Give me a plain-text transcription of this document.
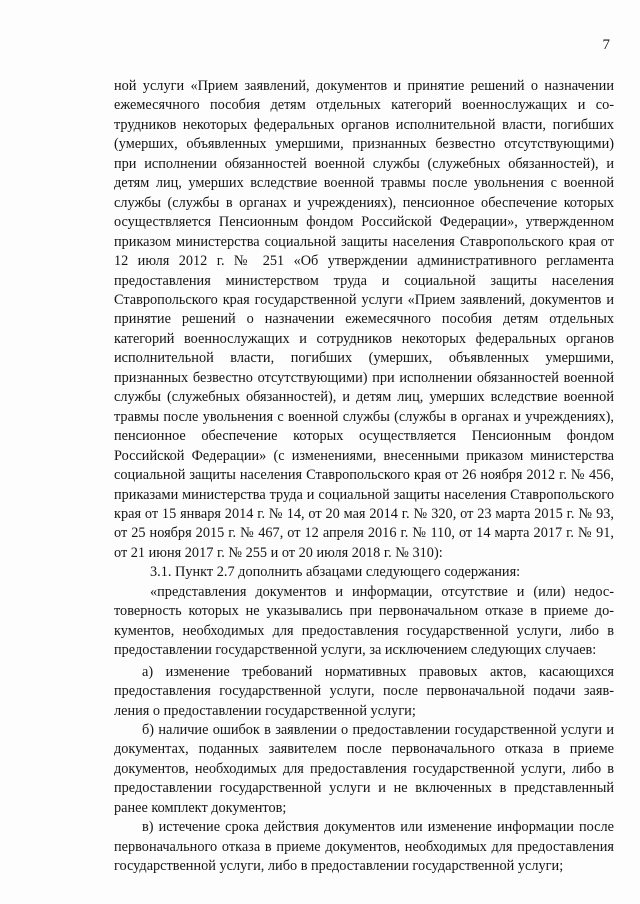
7

ной услуги «Прием заявлений, документов и принятие решений о назначении ежемесячного пособия детям отдельных категорий военнослужащих и сотрудников некоторых федеральных органов исполнительной власти, погибших (умерших, объявленных умершими, признанных безвестно отсутствующими) при исполнении обязанностей военной службы (служебных обязанностей), и детям лиц, умерших вследствие военной травмы после увольнения с военной службы (службы в органах и учреждениях), пенсионное обеспечение которых осуществляется Пенсионным фондом Российской Федерации», утвержденном приказом министерства социальной защиты населения Ставропольского края от 12 июля 2012 г. № 251 «Об утверждении административного регламента предоставления министерством труда и социальной защиты населения Ставропольского края государственной услуги «Прием заявлений, документов и принятие решений о назначении ежемесячного пособия детям отдельных категорий военнослужащих и сотрудников некоторых федеральных органов исполнительной власти, погибших (умерших, объявленных умершими, признанных безвестно отсутствующими) при исполнении обязанностей военной службы (служебных обязанностей), и детям лиц, умерших вследствие военной травмы после увольнения с военной службы (службы в органах и учреждениях), пенсионное обеспечение которых осуществляется Пенсионным фондом Российской Федерации» (с изменениями, внесенными приказом министерства социальной защиты населения Ставропольского края от 26 ноября 2012 г. № 456, приказами министерства труда и социальной защиты населения Ставропольского края от 15 января 2014 г. № 14, от 20 мая 2014 г. № 320, от 23 марта 2015 г. № 93, от 25 ноября 2015 г. № 467, от 12 апреля 2016 г. № 110, от 14 марта 2017 г. № 91, от 21 июня 2017 г. № 255 и от 20 июля 2018 г. № 310):

3.1. Пункт 2.7 дополнить абзацами следующего содержания:

«представления документов и информации, отсутствие и (или) недостоверность которых не указывались при первоначальном отказе в приеме документов, необходимых для предоставления государственной услуги, либо в предоставлении государственной услуги, за исключением следующих случаев:

а) изменение требований нормативных правовых актов, касающихся предоставления государственной услуги, после первоначальной подачи заявления о предоставлении государственной услуги;

б) наличие ошибок в заявлении о предоставлении государственной услуги и документах, поданных заявителем после первоначального отказа в приеме документов, необходимых для предоставления государственной услуги, либо в предоставлении государственной услуги и не включенных в представленный ранее комплект документов;

в) истечение срока действия документов или изменение информации после первоначального отказа в приеме документов, необходимых для предоставления государственной услуги, либо в предоставлении государственной услуги;
